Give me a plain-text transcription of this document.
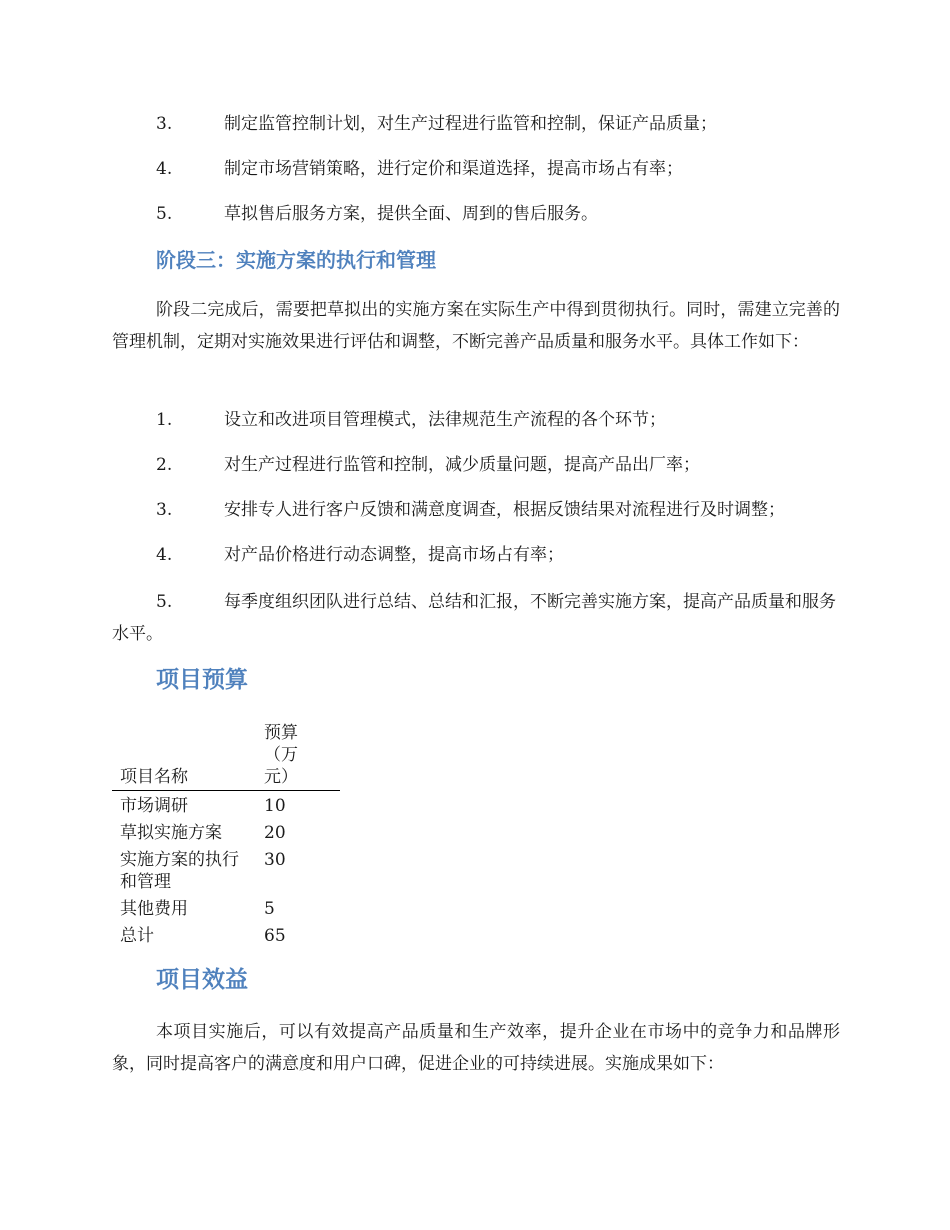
3.	制定监管控制计划，对生产过程进行监管和控制，保证产品质量；
4.	制定市场营销策略，进行定价和渠道选择，提高市场占有率；
5.	草拟售后服务方案，提供全面、周到的售后服务。
阶段三：实施方案的执行和管理
阶段二完成后，需要把草拟出的实施方案在实际生产中得到贯彻执行。同时，需建立完善的管理机制，定期对实施效果进行评估和调整，不断完善产品质量和服务水平。具体工作如下：
1.	设立和改进项目管理模式，法律规范生产流程的各个环节；
2.	对生产过程进行监管和控制，减少质量问题，提高产品出厂率；
3.	安排专人进行客户反馈和满意度调查，根据反馈结果对流程进行及时调整；
4.	对产品价格进行动态调整，提高市场占有率；
5.	每季度组织团队进行总结、总结和汇报，不断完善实施方案，提高产品质量和服务水平。
项目预算
项目名称	预算（万元）

市场调研	10
草拟实施方案	20
实施方案的执行和管理	30
其他费用	5
总计	65
项目效益
本项目实施后，可以有效提高产品质量和生产效率，提升企业在市场中的竞争力和品牌形象，同时提高客户的满意度和用户口碑，促进企业的可持续进展。实施成果如下：
